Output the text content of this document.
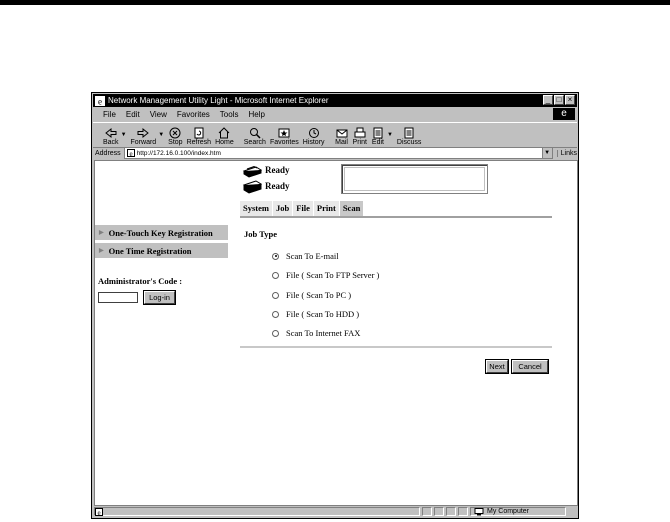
e Network Management Utility Light - Microsoft Internet Explorer	_ □ ×
File Edit View Favorites Tools Help	e
Back
▼
Forward
▼
Stop Refresh Home Search Favorites History Mail Print Edit
▼
Discuss
Address e http://172.16.0.100/index.htm	▼	Links
Ready
Ready
System Job File Print Scan
▶ One-Touch Key Registration
▶ One Time Registration
Administrator's Code :
Log-in
Job Type
Scan To E-mail
File ( Scan To FTP Server )
File ( Scan To PC )
File ( Scan To HDD )
Scan To Internet FAX
Next	Cancel
e	My Computer
